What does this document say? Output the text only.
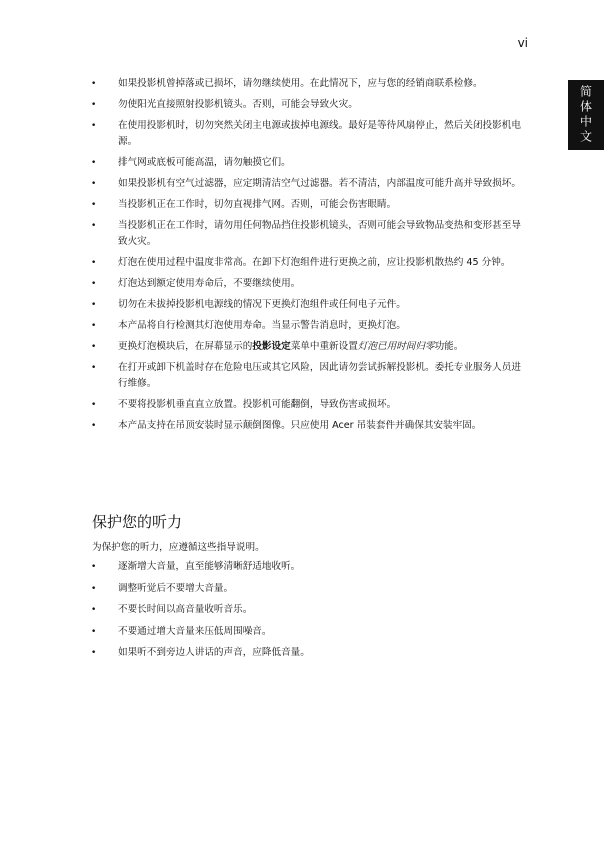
vi
简体中文
• 如果投影机曾掉落或已损坏，请勿继续使用。在此情况下，应与您的经销商联系检修。
• 勿使阳光直接照射投影机镜头。否则，可能会导致火灾。
• 在使用投影机时，切勿突然关闭主电源或拔掉电源线。最好是等待风扇停止，然后关闭投影机电源。
• 排气网或底板可能高温，请勿触摸它们。
• 如果投影机有空气过滤器，应定期清洁空气过滤器。若不清洁，内部温度可能升高并导致损坏。
• 当投影机正在工作时，切勿直视排气网。否则，可能会伤害眼睛。
• 当投影机正在工作时，请勿用任何物品挡住投影机镜头，否则可能会导致物品变热和变形甚至导致火灾。
• 灯泡在使用过程中温度非常高。在卸下灯泡组件进行更换之前，应让投影机散热约 45 分钟。
• 灯泡达到额定使用寿命后，不要继续使用。
• 切勿在未拔掉投影机电源线的情况下更换灯泡组件或任何电子元件。
• 本产品将自行检测其灯泡使用寿命。当显示警告消息时，更换灯泡。
• 更换灯泡模块后，在屏幕显示的投影设定菜单中重新设置灯泡已用时间归零功能。
• 在打开或卸下机盖时存在危险电压或其它风险，因此请勿尝试拆解投影机。委托专业服务人员进行维修。
• 不要将投影机垂直直立放置。投影机可能翻倒，导致伤害或损坏。
• 本产品支持在吊顶安装时显示颠倒图像。只应使用 Acer 吊装套件并确保其安装牢固。
保护您的听力

为保护您的听力，应遵循这些指导说明。

• 逐渐增大音量，直至能够清晰舒适地收听。
• 调整听觉后不要增大音量。
• 不要长时间以高音量收听音乐。
• 不要通过增大音量来压低周围噪音。
• 如果听不到旁边人讲话的声音，应降低音量。
